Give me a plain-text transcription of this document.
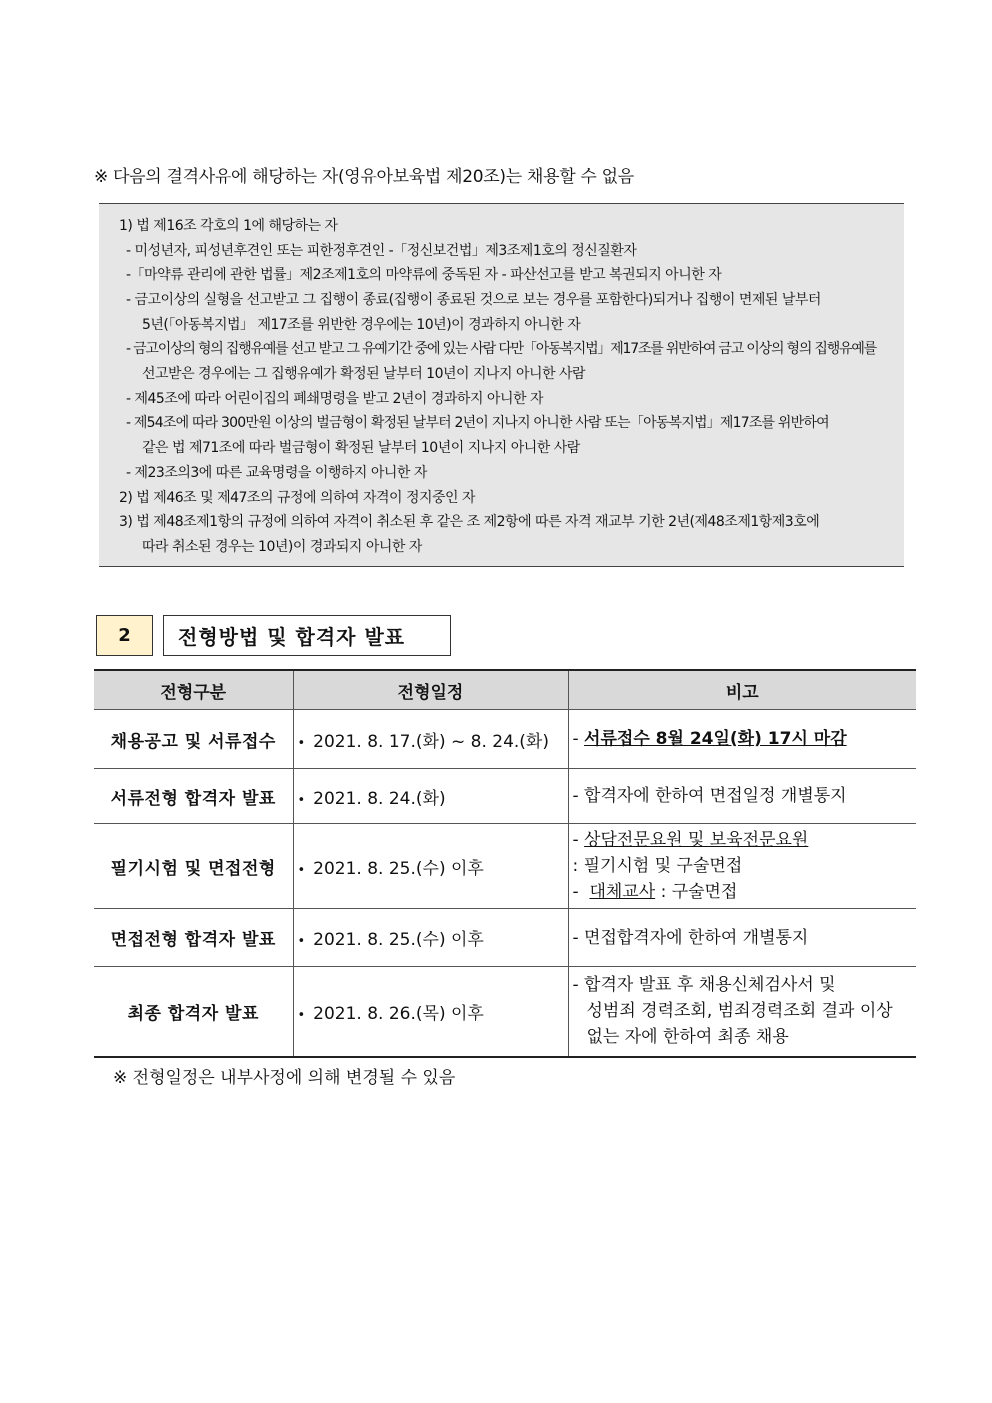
※ 다음의 결격사유에 해당하는 자(영유아보육법 제20조)는 채용할 수 없음
1) 법 제16조 각호의 1에 해당하는 자
- 미성년자, 피성년후견인 또는 피한정후견인 -「정신보건법」제3조제1호의 정신질환자
-「마약류 관리에 관한 법률」제2조제1호의 마약류에 중독된 자 - 파산선고를 받고 복권되지 아니한 자
- 금고이상의 실형을 선고받고 그 집행이 종료(집행이 종료된 것으로 보는 경우를 포함한다)되거나 집행이 면제된 날부터
5년(「아동복지법」 제17조를 위반한 경우에는 10년)이 경과하지 아니한 자
- 금고이상의 형의 집행유예를 선고 받고 그 유예기간 중에 있는 사람 다만「아동복지법」제17조를 위반하여 금고 이상의 형의 집행유예를
선고받은 경우에는 그 집행유예가 확정된 날부터 10년이 지나지 아니한 사람
- 제45조에 따라 어린이집의 폐쇄명령을 받고 2년이 경과하지 아니한 자
- 제54조에 따라 300만원 이상의 벌금형이 확정된 날부터 2년이 지나지 아니한 사람 또는「아동복지법」제17조를 위반하여
같은 법 제71조에 따라 벌금형이 확정된 날부터 10년이 지나지 아니한 사람
- 제23조의3에 따른 교육명령을 이행하지 아니한 자
2) 법 제46조 및 제47조의 규정에 의하여 자격이 정지중인 자
3) 법 제48조제1항의 규정에 의하여 자격이 취소된 후 같은 조 제2항에 따른 자격 재교부 기한 2년(제48조제1항제3호에
따라 취소된 경우는 10년)이 경과되지 아니한 자
2	전형방법 및 합격자 발표
전형구분	전형일정	비고
채용공고 및 서류접수	• 2021. 8. 17.(화) ~ 8. 24.(화)	- 서류접수 8월 24일(화) 17시 마감
서류전형 합격자 발표	• 2021. 8. 24.(화)	- 합격자에 한하여 면접일정 개별통지
필기시험 및 면접전형	• 2021. 8. 25.(수) 이후	- 상담전문요원 및 보육전문요원
: 필기시험 및 구술면접
- 대체교사 : 구술면접

면접전형 합격자 발표	• 2021. 8. 25.(수) 이후	- 면접합격자에 한하여 개별통지
최종 합격자 발표	• 2021. 8. 26.(목) 이후	- 합격자 발표 후 채용신체검사서 및
성범죄 경력조회, 범죄경력조회 결과 이상
없는 자에 한하여 최종 채용
※ 전형일정은 내부사정에 의해 변경될 수 있음
